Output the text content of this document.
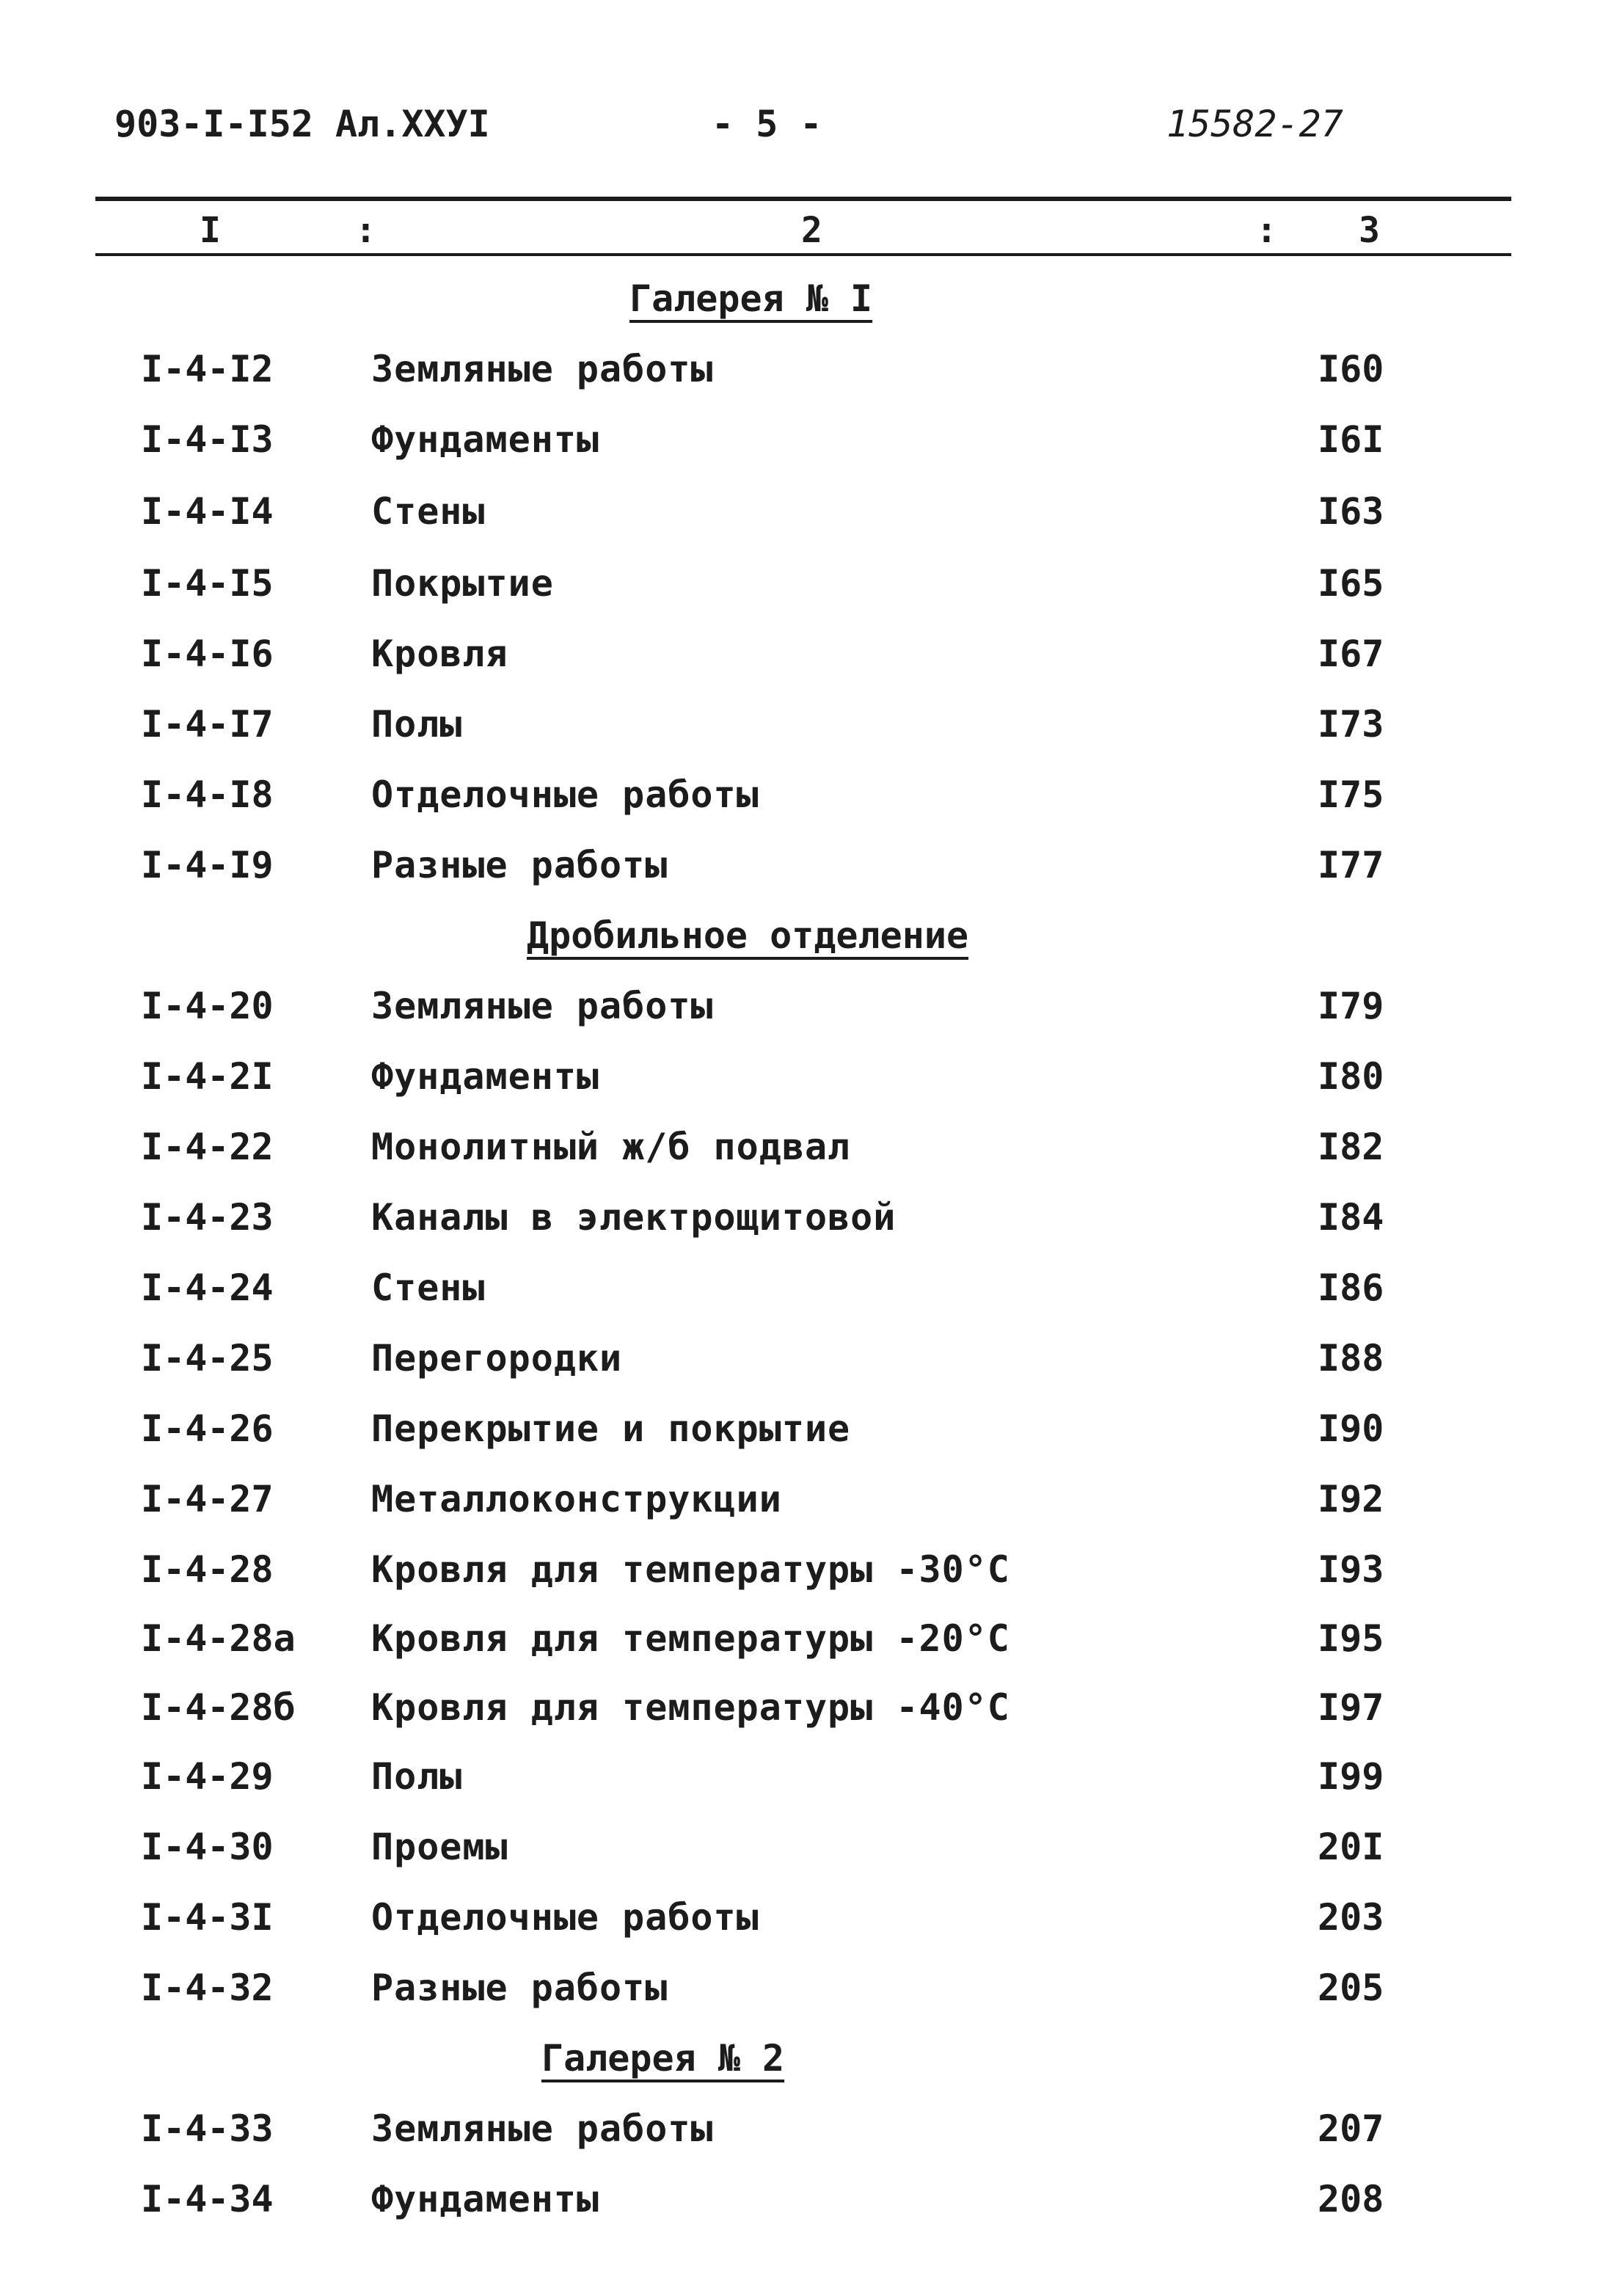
903-I-I52 Ал.XXУI	- 5 -	15582-27
I	:	2	: 3
Галерея № I
Дробильное отделение
Галерея № 2
I-4-I2	Земляные работы	I60
I-4-I3	Фундаменты	I6I
I-4-I4	Стены	I63
I-4-I5	Покрытие	I65
I-4-I6	Кровля	I67
I-4-I7	Полы	I73
I-4-I8	Отделочные работы	I75
I-4-I9	Разные работы	I77
I-4-20	Земляные работы	I79
I-4-2I	Фундаменты	I80
I-4-22	Монолитный ж/б подвал	I82
I-4-23	Каналы в электрощитовой	I84
I-4-24	Стены	I86
I-4-25	Перегородки	I88
I-4-26	Перекрытие и покрытие	I90
I-4-27	Металлоконструкции	I92
I-4-28	Кровля для температуры -30°С	I93
I-4-28а Кровля для температуры -20°С	I95
I-4-28б Кровля для температуры -40°С	I97
I-4-29	Полы	I99
I-4-30	Проемы	20I
I-4-3I	Отделочные работы	203
I-4-32	Разные работы	205
I-4-33	Земляные работы	207
I-4-34	Фундаменты	208
